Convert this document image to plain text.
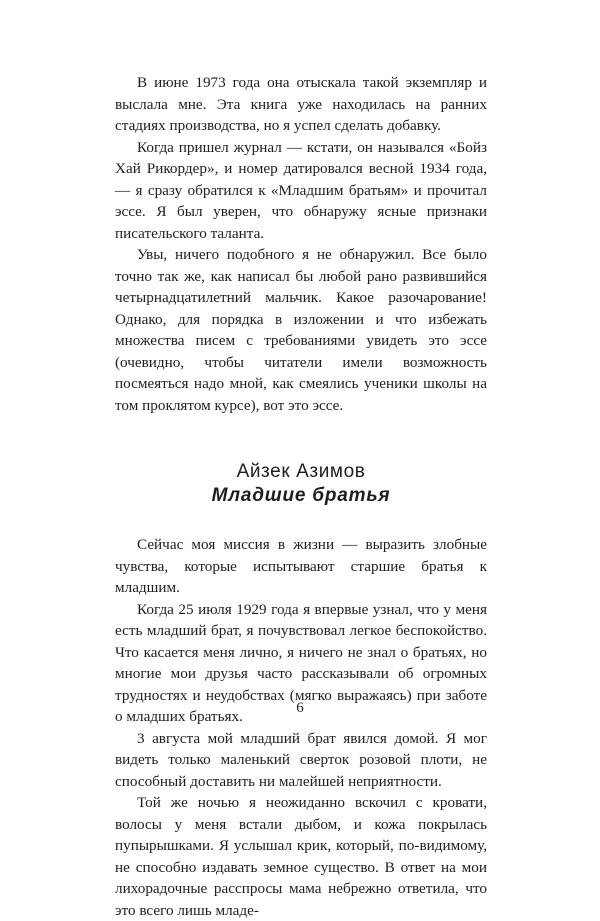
В июне 1973 года она отыскала такой экземпляр и выслала мне. Эта книга уже находилась на ранних стадиях производства, но я успел сделать добавку.

Когда пришел журнал — кстати, он назывался «Бойз Хай Рикордер», и номер датировался весной 1934 года, — я сразу обратился к «Младшим братьям» и прочитал эссе. Я был уверен, что обнаружу ясные признаки писательского таланта.

Увы, ничего подобного я не обнаружил. Все было точно так же, как написал бы любой рано развившийся четырнадцатилетний мальчик. Какое разочарование! Однако, для порядка в изложении и что избежать множества писем с требованиями увидеть это эссе (очевидно, чтобы читатели имели возможность посмеяться надо мной, как смеялись ученики школы на том проклятом курсе), вот это эссе.

Айзек Азимов
Младшие братья

Сейчас моя миссия в жизни — выразить злобные чувства, которые испытывают старшие братья к младшим.

Когда 25 июля 1929 года я впервые узнал, что у меня есть младший брат, я почувствовал легкое беспокойство. Что касается меня лично, я ничего не знал о братьях, но многие мои друзья часто рассказывали об огромных трудностях и неудобствах (мягко выражаясь) при заботе о младших братьях.

3 августа мой младший брат явился домой. Я мог видеть только маленький сверток розовой плоти, не способный доставить ни малейшей неприятности.

Той же ночью я неожиданно вскочил с кровати, волосы у меня встали дыбом, и кожа покрылась пупырышками. Я услышал крик, который, по-видимому, не способно издавать земное существо. В ответ на мои лихорадочные расспросы мама небрежно ответила, что это всего лишь младе-

6
